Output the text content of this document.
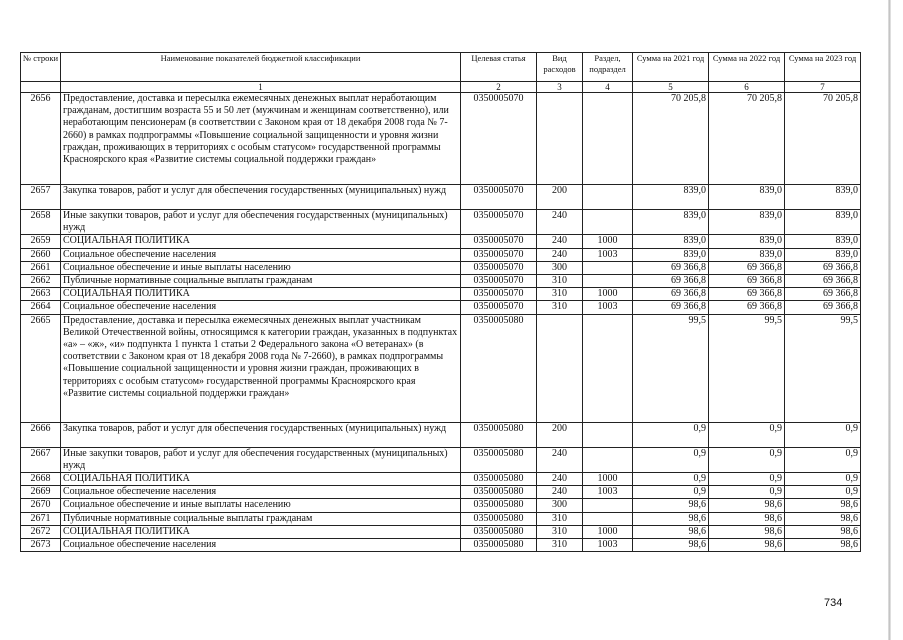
№ строки	Наименование показателей бюджетной классификации	Целевая статья	Вид расходов	Раздел, подраздел	Сумма на 2021 год	Сумма на 2022 год	Сумма на 2023 год
	1	2	3	4	5	6	7
2656	Предоставление, доставка и пересылка ежемесячных денежных выплат неработающим гражданам, достигшим возраста 55 и 50 лет (мужчинам и женщинам соответственно), или неработающим пенсионерам (в соответствии с Законом края от 18 декабря 2008 года № 7-2660) в рамках подпрограммы «Повышение социальной защищенности и уровня жизни граждан, проживающих в территориях с особым статусом» государственной программы Красноярского края «Развитие системы социальной поддержки граждан»	0350005070			70 205,8	70 205,8	70 205,8
2657	Закупка товаров, работ и услуг для обеспечения государственных (муниципальных) нужд	0350005070	200		839,0	839,0	839,0
2658	Иные закупки товаров, работ и услуг для обеспечения государственных (муниципальных) нужд	0350005070	240		839,0	839,0	839,0
2659	СОЦИАЛЬНАЯ ПОЛИТИКА	0350005070	240	1000	839,0	839,0	839,0
2660	Социальное обеспечение населения	0350005070	240	1003	839,0	839,0	839,0
2661	Социальное обеспечение и иные выплаты населению	0350005070	300		69 366,8	69 366,8	69 366,8
2662	Публичные нормативные социальные выплаты гражданам	0350005070	310		69 366,8	69 366,8	69 366,8
2663	СОЦИАЛЬНАЯ ПОЛИТИКА	0350005070	310	1000	69 366,8	69 366,8	69 366,8
2664	Социальное обеспечение населения	0350005070	310	1003	69 366,8	69 366,8	69 366,8
2665	Предоставление, доставка и пересылка ежемесячных денежных выплат участникам Великой Отечественной войны, относящимся к категории граждан, указанных в подпунктах «а» – «ж», «и» подпункта 1 пункта 1 статьи 2 Федерального закона «О ветеранах» (в соответствии с Законом края от 18 декабря 2008 года № 7-2660), в рамках подпрограммы «Повышение социальной защищенности и уровня жизни граждан, проживающих в территориях с особым статусом» государственной программы Красноярского края «Развитие системы социальной поддержки граждан»	0350005080			99,5	99,5	99,5
2666	Закупка товаров, работ и услуг для обеспечения государственных (муниципальных) нужд	0350005080	200		0,9	0,9	0,9
2667	Иные закупки товаров, работ и услуг для обеспечения государственных (муниципальных) нужд	0350005080	240		0,9	0,9	0,9
2668	СОЦИАЛЬНАЯ ПОЛИТИКА	0350005080	240	1000	0,9	0,9	0,9
2669	Социальное обеспечение населения	0350005080	240	1003	0,9	0,9	0,9
2670	Социальное обеспечение и иные выплаты населению	0350005080	300		98,6	98,6	98,6
2671	Публичные нормативные социальные выплаты гражданам	0350005080	310		98,6	98,6	98,6
2672	СОЦИАЛЬНАЯ ПОЛИТИКА	0350005080	310	1000	98,6	98,6	98,6
2673	Социальное обеспечение населения	0350005080	310	1003	98,6	98,6	98,6
734
